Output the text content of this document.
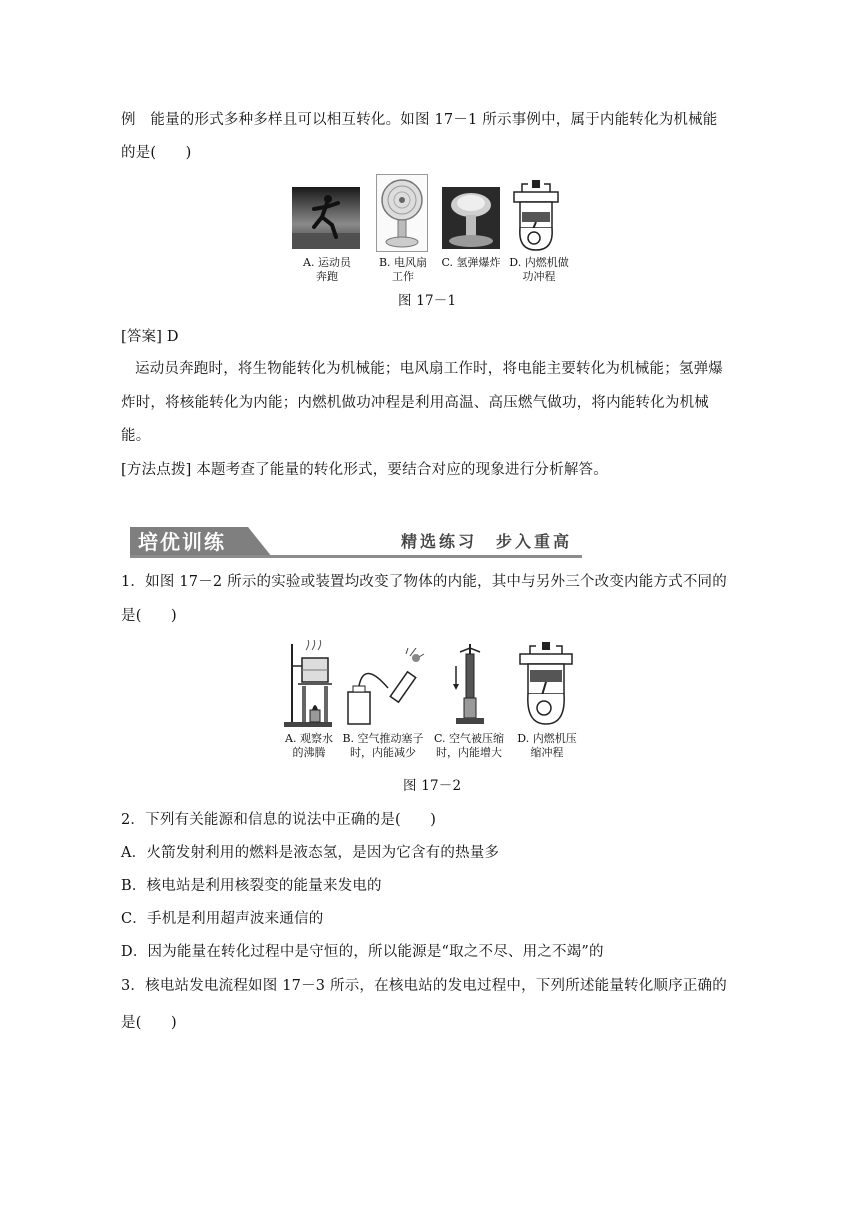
例　能量的形式多种多样且可以相互转化。如图 17－1 所示事例中，属于内能转化为机械能
的是(　　)
A. 运动员
奔跑
B. 电风扇
工作
C. 氢弹爆炸 D. 内燃机做
功冲程
图 17－1
[答案] D
运动员奔跑时，将生物能转化为机械能；电风扇工作时，将电能主要转化为机械能；氢弹爆
炸时，将核能转化为内能；内燃机做功冲程是利用高温、高压燃气做功，将内能转化为机械
能。
[方法点拨] 本题考查了能量的转化形式，要结合对应的现象进行分析解答。
培优训练	精选练习　步入重高
1．如图 17－2 所示的实验或装置均改变了物体的内能，其中与另外三个改变内能方式不同的
是(　　)
A. 观察水
的沸腾
B. 空气推动塞子
时，内能减少
C. 空气被压缩
时，内能增大
D. 内燃机压
缩冲程
图 17－2
2．下列有关能源和信息的说法中正确的是(　　)
A．火箭发射利用的燃料是液态氢，是因为它含有的热量多
B．核电站是利用核裂变的能量来发电的
C．手机是利用超声波来通信的
D．因为能量在转化过程中是守恒的，所以能源是“取之不尽、用之不竭”的
3．核电站发电流程如图 17－3 所示，在核电站的发电过程中，下列所述能量转化顺序正确的
是(　　)
